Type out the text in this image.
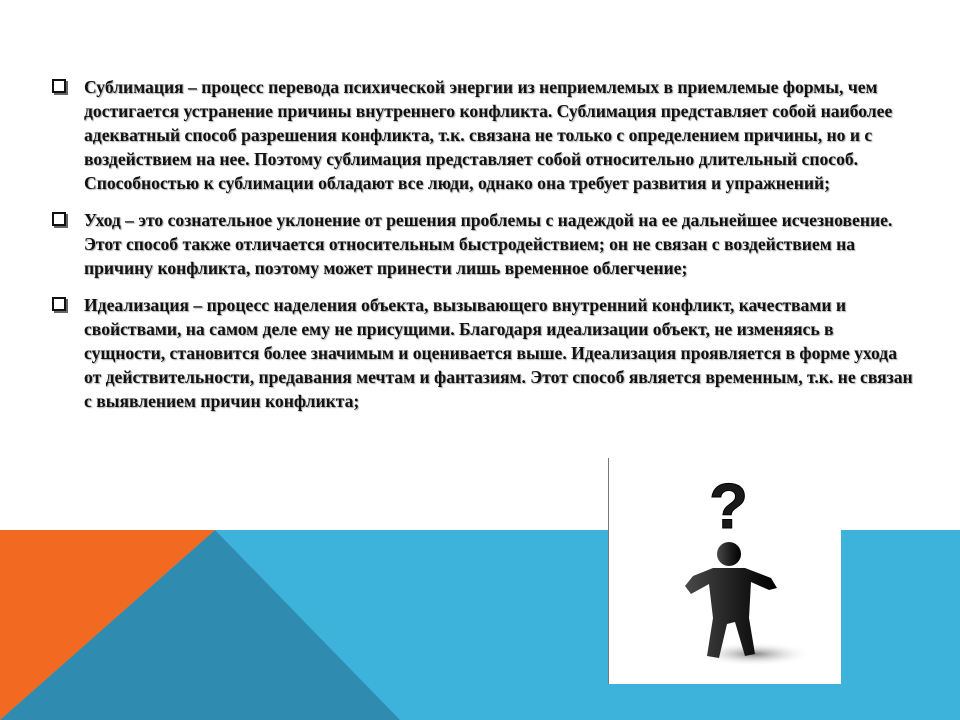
Сублимация – процесс перевода психической энергии из неприемлемых в приемлемые формы, чем достигается устранение причины внутреннего конфликта. Сублимация представляет собой наиболее адекватный способ разрешения конфликта, т.к. связана не только с определением причины, но и с воздействием на нее. Поэтому сублимация представляет собой относительно длительный способ. Способностью к сублимации обладают все люди, однако она требует развития и упражнений;
Уход – это сознательное уклонение от решения проблемы с надеждой на ее дальнейшее исчезновение. Этот способ также отличается относительным быстродействием; он не связан с воздействием на причину конфликта, поэтому может принести лишь временное облегчение;
Идеализация – процесс наделения объекта, вызывающего внутренний конфликт, качествами и свойствами, на самом деле ему не присущими. Благодаря идеализации объект, не изменяясь в сущности, становится более значимым и оценивается выше. Идеализация проявляется в форме ухода от действительности, предавания мечтам и фантазиям. Этот способ является временным, т.к. не связан с выявлением причин конфликта;
?
